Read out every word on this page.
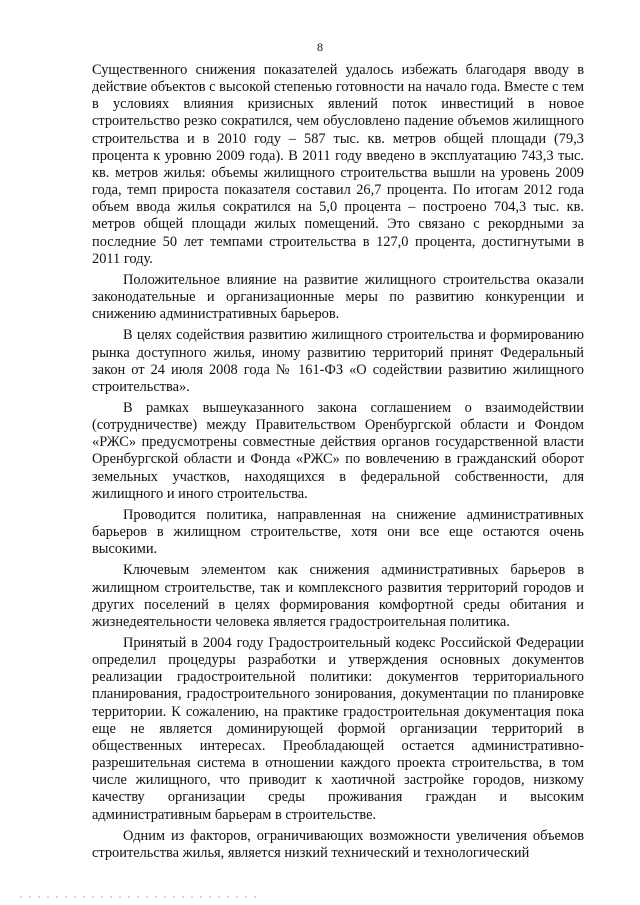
8

Существенного снижения показателей удалось избежать благодаря вводу в действие объектов с высокой степенью готовности на начало года. Вместе с тем в условиях влияния кризисных явлений поток инвестиций в новое строительство резко сократился, чем обусловлено падение объемов жилищного строительства и в 2010 году – 587 тыс. кв. метров общей площади (79,3 процента к уровню 2009 года). В 2011 году введено в эксплуатацию 743,3 тыс. кв. метров жилья: объемы жилищного строительства вышли на уровень 2009 года, темп прироста показателя составил 26,7 процента. По итогам 2012 года объем ввода жилья сократился на 5,0 процента – построено 704,3 тыс. кв. метров общей площади жилых помещений. Это связано с рекордными за последние 50 лет темпами строительства в 127,0 процента, достигнутыми в 2011 году.

Положительное влияние на развитие жилищного строительства оказали законодательные и организационные меры по развитию конкуренции и снижению административных барьеров.

В целях содействия развитию жилищного строительства и формированию рынка доступного жилья, иному развитию территорий принят Федеральный закон от 24 июля 2008 года № 161-ФЗ «О содействии развитию жилищного строительства».

В рамках вышеуказанного закона соглашением о взаимодействии (сотрудничестве) между Правительством Оренбургской области и Фондом «РЖС» предусмотрены совместные действия органов государственной власти Оренбургской области и Фонда «РЖС» по вовлечению в гражданский оборот земельных участков, находящихся в федеральной собственности, для жилищного и иного строительства.

Проводится политика, направленная на снижение административных барьеров в жилищном строительстве, хотя они все еще остаются очень высокими.

Ключевым элементом как снижения административных барьеров в жилищном строительстве, так и комплексного развития территорий городов и других поселений в целях формирования комфортной среды обитания и жизнедеятельности человека является градостроительная политика.

Принятый в 2004 году Градостроительный кодекс Российской Федерации определил процедуры разработки и утверждения основных документов реализации градостроительной политики: документов территориального планирования, градостроительного зонирования, документации по планировке территории. К сожалению, на практике градостроительная документация пока еще не является доминирующей формой организации территорий в общественных интересах. Преобладающей остается административно-разрешительная система в отношении каждого проекта строительства, в том числе жилищного, что приводит к хаотичной застройке городов, низкому качеству организации среды проживания граждан и высоким административным барьерам в строительстве.

Одним из факторов, ограничивающих возможности увеличения объемов строительства жилья, является низкий технический и технологический
